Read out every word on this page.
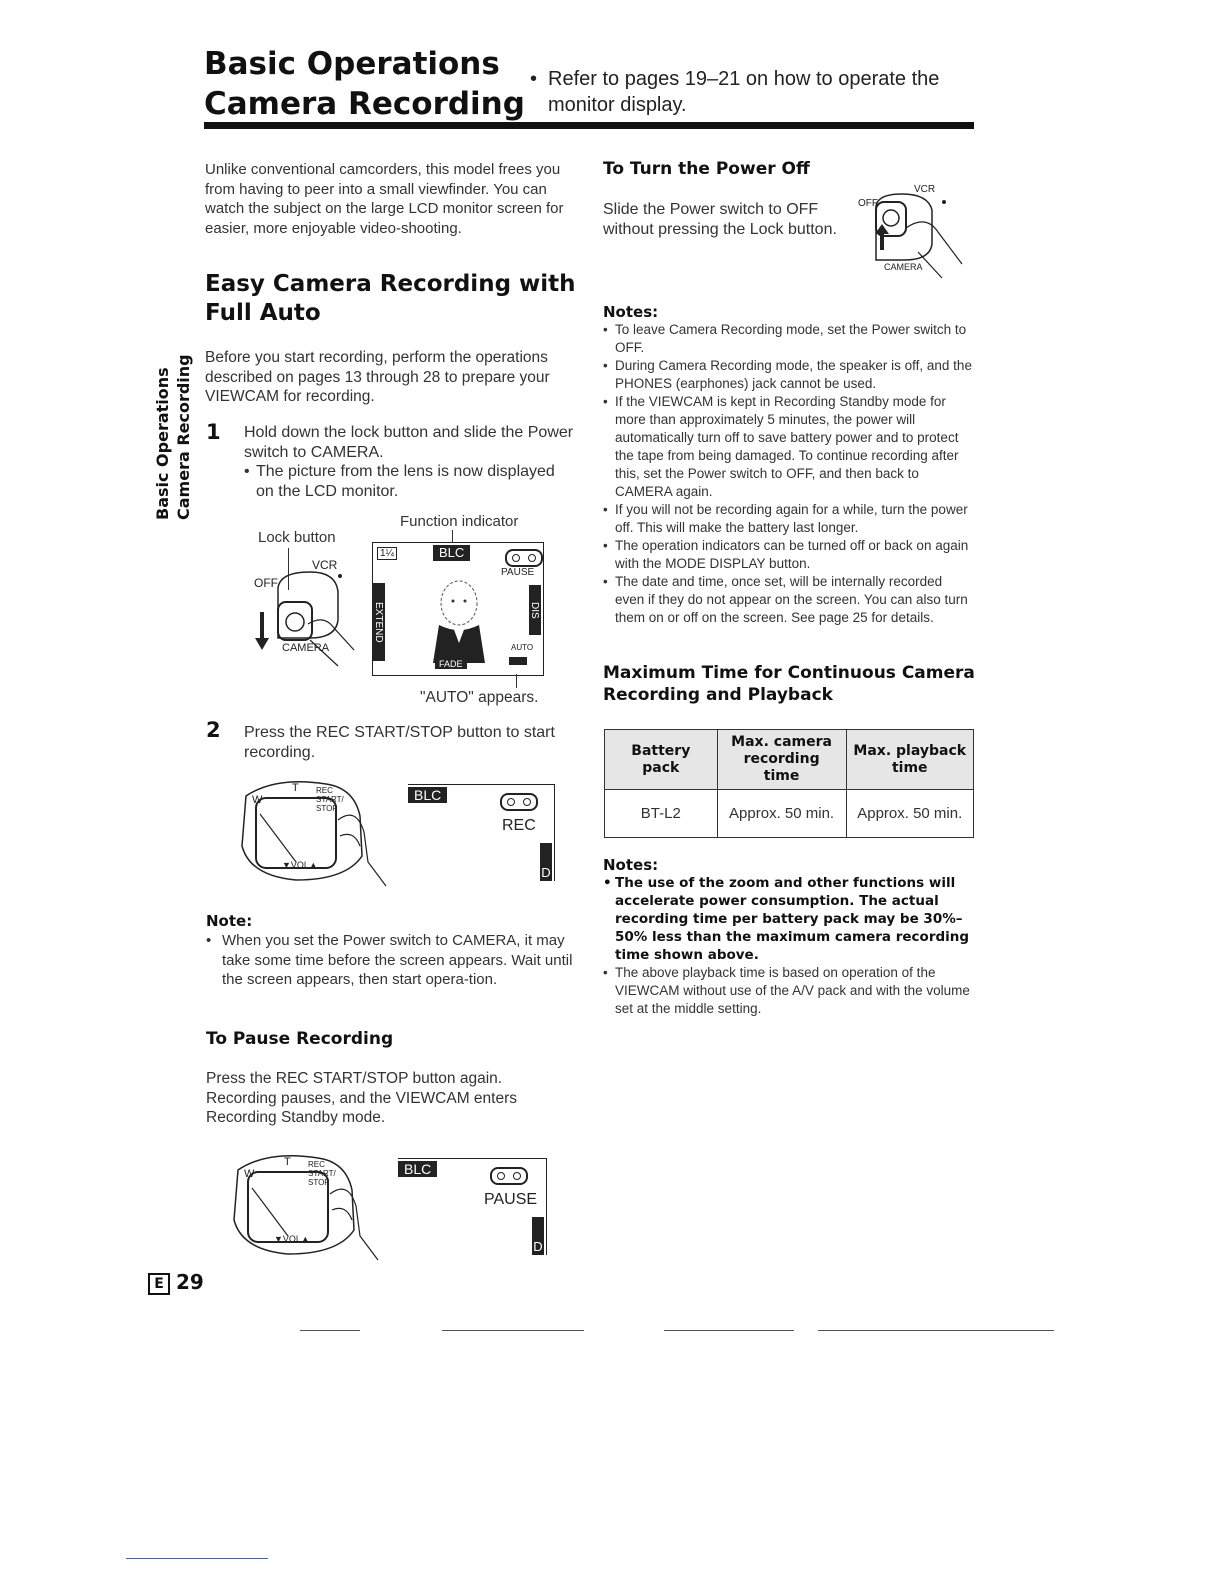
Basic Operations
Camera Recording
• Refer to pages 19–21 on how to operate the monitor display.
Basic Operations Camera Recording
Unlike conventional camcorders, this model frees you from having to peer into a small viewfinder. You can watch the subject on the large LCD monitor screen for easier, more enjoyable video-shooting.
Easy Camera Recording with Full Auto
Before you start recording, perform the operations described on pages 13 through 28 to prepare your VIEWCAM for recording.
1 Hold down the lock button and slide the Power switch to CAMERA.
• The picture from the lens is now displayed on the LCD monitor.
Function indicator
Lock button
VCR
OFF
CAMERA
1¼	BLC
PAUSE
EXTEND	DIS
FADE
AUTO
"AUTO" appears.
2 Press the REC START/STOP button to start recording.
W
T REC START/ STOP
▼VOL▲
BLC
REC
D
Note:
• When you set the Power switch to CAMERA, it may take some time before the screen appears. Wait until the screen appears, then start opera-tion.
To Pause Recording
Press the REC START/STOP button again. Recording pauses, and the VIEWCAM enters Recording Standby mode.
W
T REC START/ STOP
▼VOL▲
BLC
PAUSE
D
E 29
To Turn the Power Off
Slide the Power switch to OFF without pressing the Lock button.
VCR
OFF
CAMERA
Notes:
• To leave Camera Recording mode, set the Power switch to OFF.
• During Camera Recording mode, the speaker is off, and the PHONES (earphones) jack cannot be used.
• If the VIEWCAM is kept in Recording Standby mode for more than approximately 5 minutes, the power will automatically turn off to save battery power and to protect the tape from being damaged. To continue recording after this, set the Power switch to OFF, and then back to CAMERA again.
• If you will not be recording again for a while, turn the power off. This will make the battery last longer.
• The operation indicators can be turned off or back on again with the MODE DISPLAY button.
• The date and time, once set, will be internally recorded even if they do not appear on the screen. You can also turn them on or off on the screen. See page 25 for details.
Maximum Time for Continuous Camera Recording and Playback
Battery pack	Max. camera recording time	Max. playback time
BT-L2	Approx. 50 min.	Approx. 50 min.
Notes:
• The use of the zoom and other functions will accelerate power consumption. The actual recording time per battery pack may be 30%–50% less than the maximum camera recording time shown above.
• The above playback time is based on operation of the VIEWCAM without use of the A/V pack and with the volume set at the middle setting.
